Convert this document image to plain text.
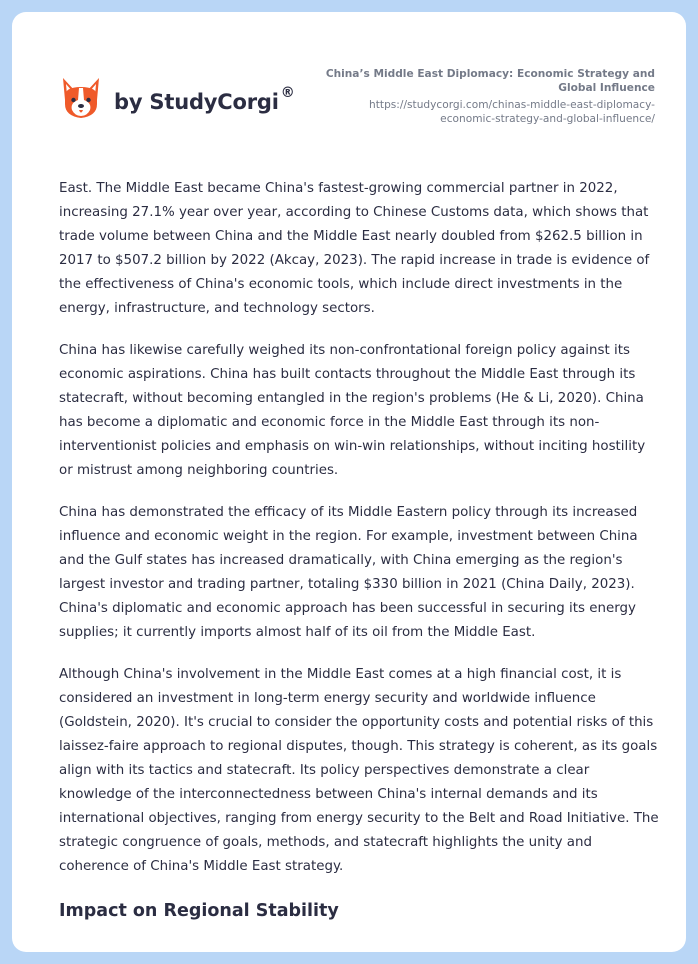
by StudyCorgi ®

China’s Middle East Diplomacy: Economic Strategy and Global Influence

https://studycorgi.com/chinas-middle-east-diplomacy-economic-strategy-and-global-influence/

East. The Middle East became China's fastest-growing commercial partner in 2022, increasing 27.1% year over year, according to Chinese Customs data, which shows that trade volume between China and the Middle East nearly doubled from $262.5 billion in 2017 to $507.2 billion by 2022 (Akcay, 2023). The rapid increase in trade is evidence of the effectiveness of China's economic tools, which include direct investments in the energy, infrastructure, and technology sectors.

China has likewise carefully weighed its non-confrontational foreign policy against its economic aspirations. China has built contacts throughout the Middle East through its statecraft, without becoming entangled in the region's problems (He & Li, 2020). China has become a diplomatic and economic force in the Middle East through its non-interventionist policies and emphasis on win-win relationships, without inciting hostility or mistrust among neighboring countries.

China has demonstrated the efficacy of its Middle Eastern policy through its increased influence and economic weight in the region. For example, investment between China and the Gulf states has increased dramatically, with China emerging as the region's largest investor and trading partner, totaling $330 billion in 2021 (China Daily, 2023). China's diplomatic and economic approach has been successful in securing its energy supplies; it currently imports almost half of its oil from the Middle East.

Although China's involvement in the Middle East comes at a high financial cost, it is considered an investment in long-term energy security and worldwide influence (Goldstein, 2020). It's crucial to consider the opportunity costs and potential risks of this laissez-faire approach to regional disputes, though. This strategy is coherent, as its goals align with its tactics and statecraft. Its policy perspectives demonstrate a clear knowledge of the interconnectedness between China's internal demands and its international objectives, ranging from energy security to the Belt and Road Initiative. The strategic congruence of goals, methods, and statecraft highlights the unity and coherence of China's Middle East strategy.

Impact on Regional Stability
